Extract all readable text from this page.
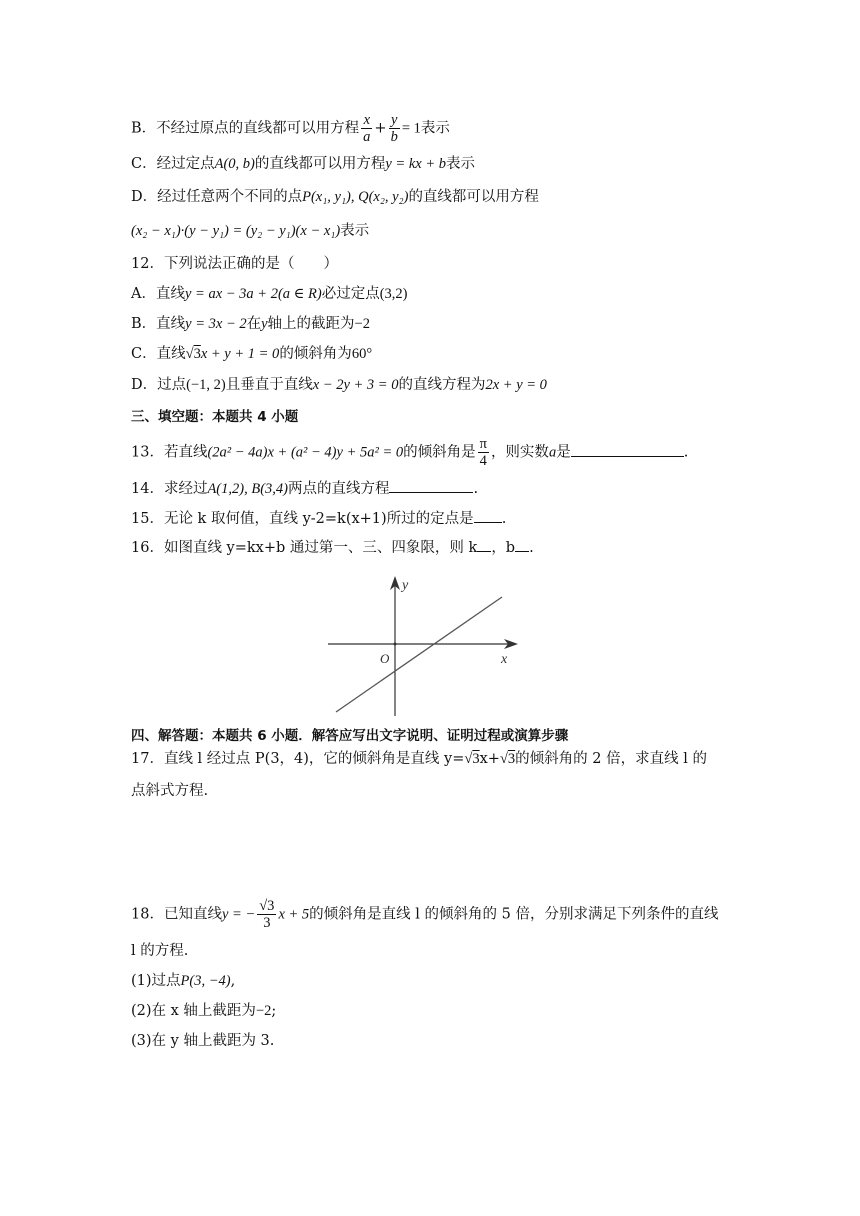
B．不经过原点的直线都可以用方程 $\frac{x}{a} + \frac{y}{b} = 1$表示
C．经过定点A(0, b)的直线都可以用方程y = kx + b表示
D．经过任意两个不同的点P(x₁, y₁), Q(x₂, y₂)的直线都可以用方程
(x₂ − x₁)·(y − y₁) = (y₂ − y₁)(x − x₁)表示
12．下列说法正确的是（　　）
A．直线y = ax − 3a + 2(a ∈ R)必过定点(3,2)
B．直线y = 3x − 2在y轴上的截距为−2
C．直线√3x + y + 1 = 0的倾斜角为60°
D．过点(−1, 2)且垂直于直线x − 2y + 3 = 0的直线方程为2x + y = 0
三、填空题：本题共 4 小题
13．若直线(2a² − 4a)x + (a² − 4)y + 5a² = 0的倾斜角是 $\frac{\pi}{4}$ ，则实数a是	.
14．求经过A(1,2), B(3,4)两点的直线方程	.
15．无论 k 取何值，直线 y-2=k(x+1)所过的定点是 .
16．如图直线 y=kx+b 通过第一、三、四象限，则 k ，b .
y
x
O
四、解答题：本题共 6 小题．解答应写出文字说明、证明过程或演算步骤
17．直线 l 经过点 P(3，4)，它的倾斜角是直线 y=√3x+√3的倾斜角的 2 倍，求直线 l 的
点斜式方程.
18．已知直线y = − $\frac{√3}{3}$ x + 5的倾斜角是直线 l 的倾斜角的 5 倍，分别求满足下列条件的直线
l 的方程.
(1)过点P(3, −4),
(2)在 x 轴上截距为−2;
(3)在 y 轴上截距为 3.
